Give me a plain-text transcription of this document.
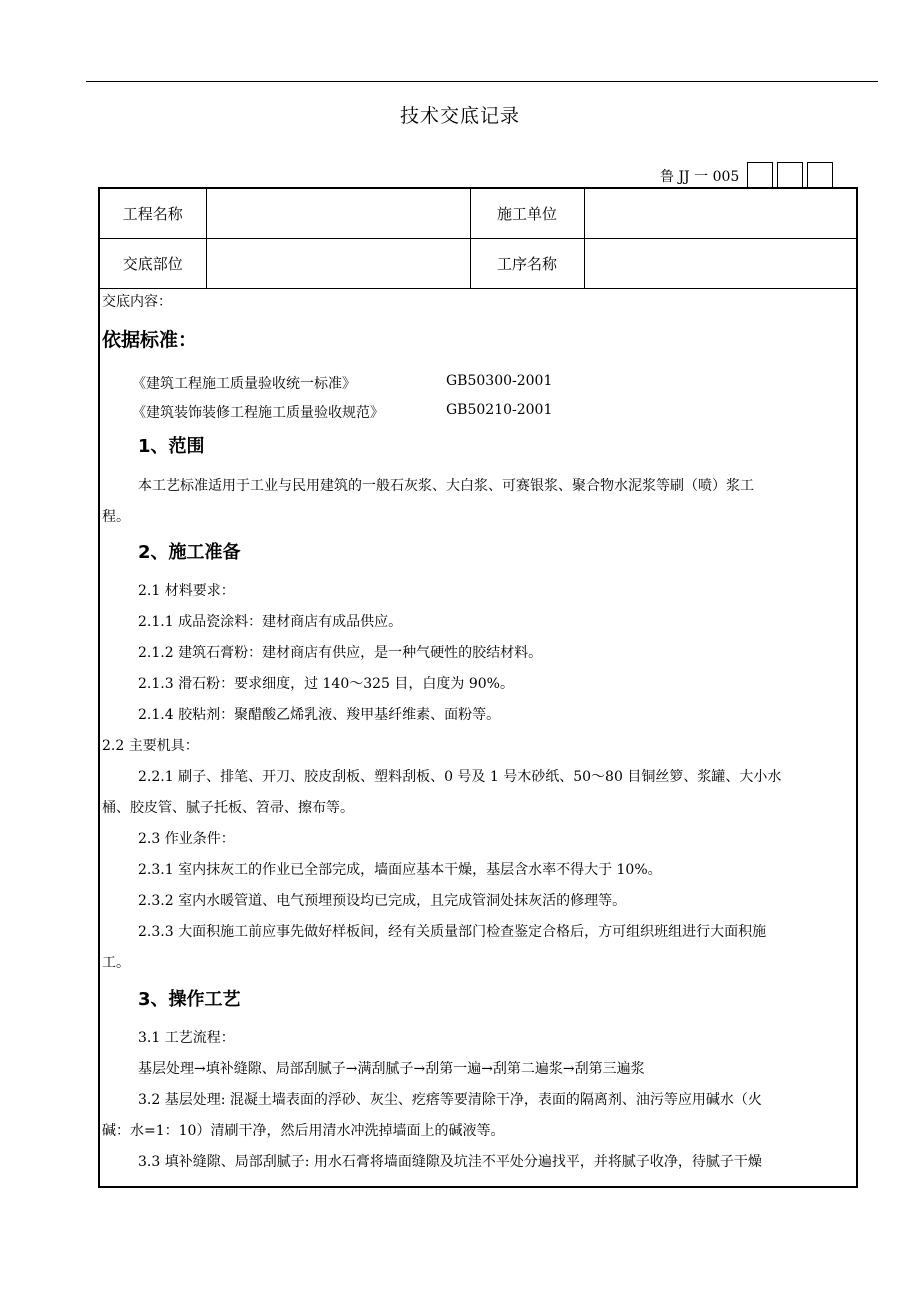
技术交底记录
鲁 JJ 一 005
工程名称		施工单位	
交底部位		工序名称	
交底内容：
依据标准：
《建筑工程施工质量验收统一标准》	GB50300-2001
《建筑装饰装修工程施工质量验收规范》	GB50210-2001
1、范围
本工艺标准适用于工业与民用建筑的一般石灰浆、大白浆、可赛银浆、聚合物水泥浆等刷（喷）浆工
程。
2、施工准备
2.1 材料要求：
2.1.1 成品瓷涂料：建材商店有成品供应。
2.1.2 建筑石膏粉：建材商店有供应，是一种气硬性的胶结材料。
2.1.3 滑石粉：要求细度，过 140～325 目，白度为 90%。
2.1.4 胶粘剂：聚醋酸乙烯乳液、羧甲基纤维素、面粉等。
2.2 主要机具：
2.2.1 刷子、排笔、开刀、胶皮刮板、塑料刮板、0 号及 1 号木砂纸、50～80 目铜丝箩、浆罐、大小水
桶、胶皮管、腻子托板、笤帚、擦布等。
2.3 作业条件：
2.3.1 室内抹灰工的作业已全部完成，墙面应基本干燥，基层含水率不得大于 10%。
2.3.2 室内水暖管道、电气预埋预设均已完成，且完成管洞处抹灰活的修理等。
2.3.3 大面积施工前应事先做好样板间，经有关质量部门检查鉴定合格后，方可组织班组进行大面积施
工。
3、操作工艺
3.1 工艺流程：
基层处理→填补缝隙、局部刮腻子→满刮腻子→刮第一遍→刮第二遍浆→刮第三遍浆
3.2 基层处理: 混凝土墙表面的浮砂、灰尘、疙瘩等要清除干净，表面的隔离剂、油污等应用碱水（火
碱：水=1：10）清刷干净，然后用清水冲洗掉墙面上的碱液等。
3.3 填补缝隙、局部刮腻子: 用水石膏将墙面缝隙及坑洼不平处分遍找平，并将腻子收净，待腻子干燥
